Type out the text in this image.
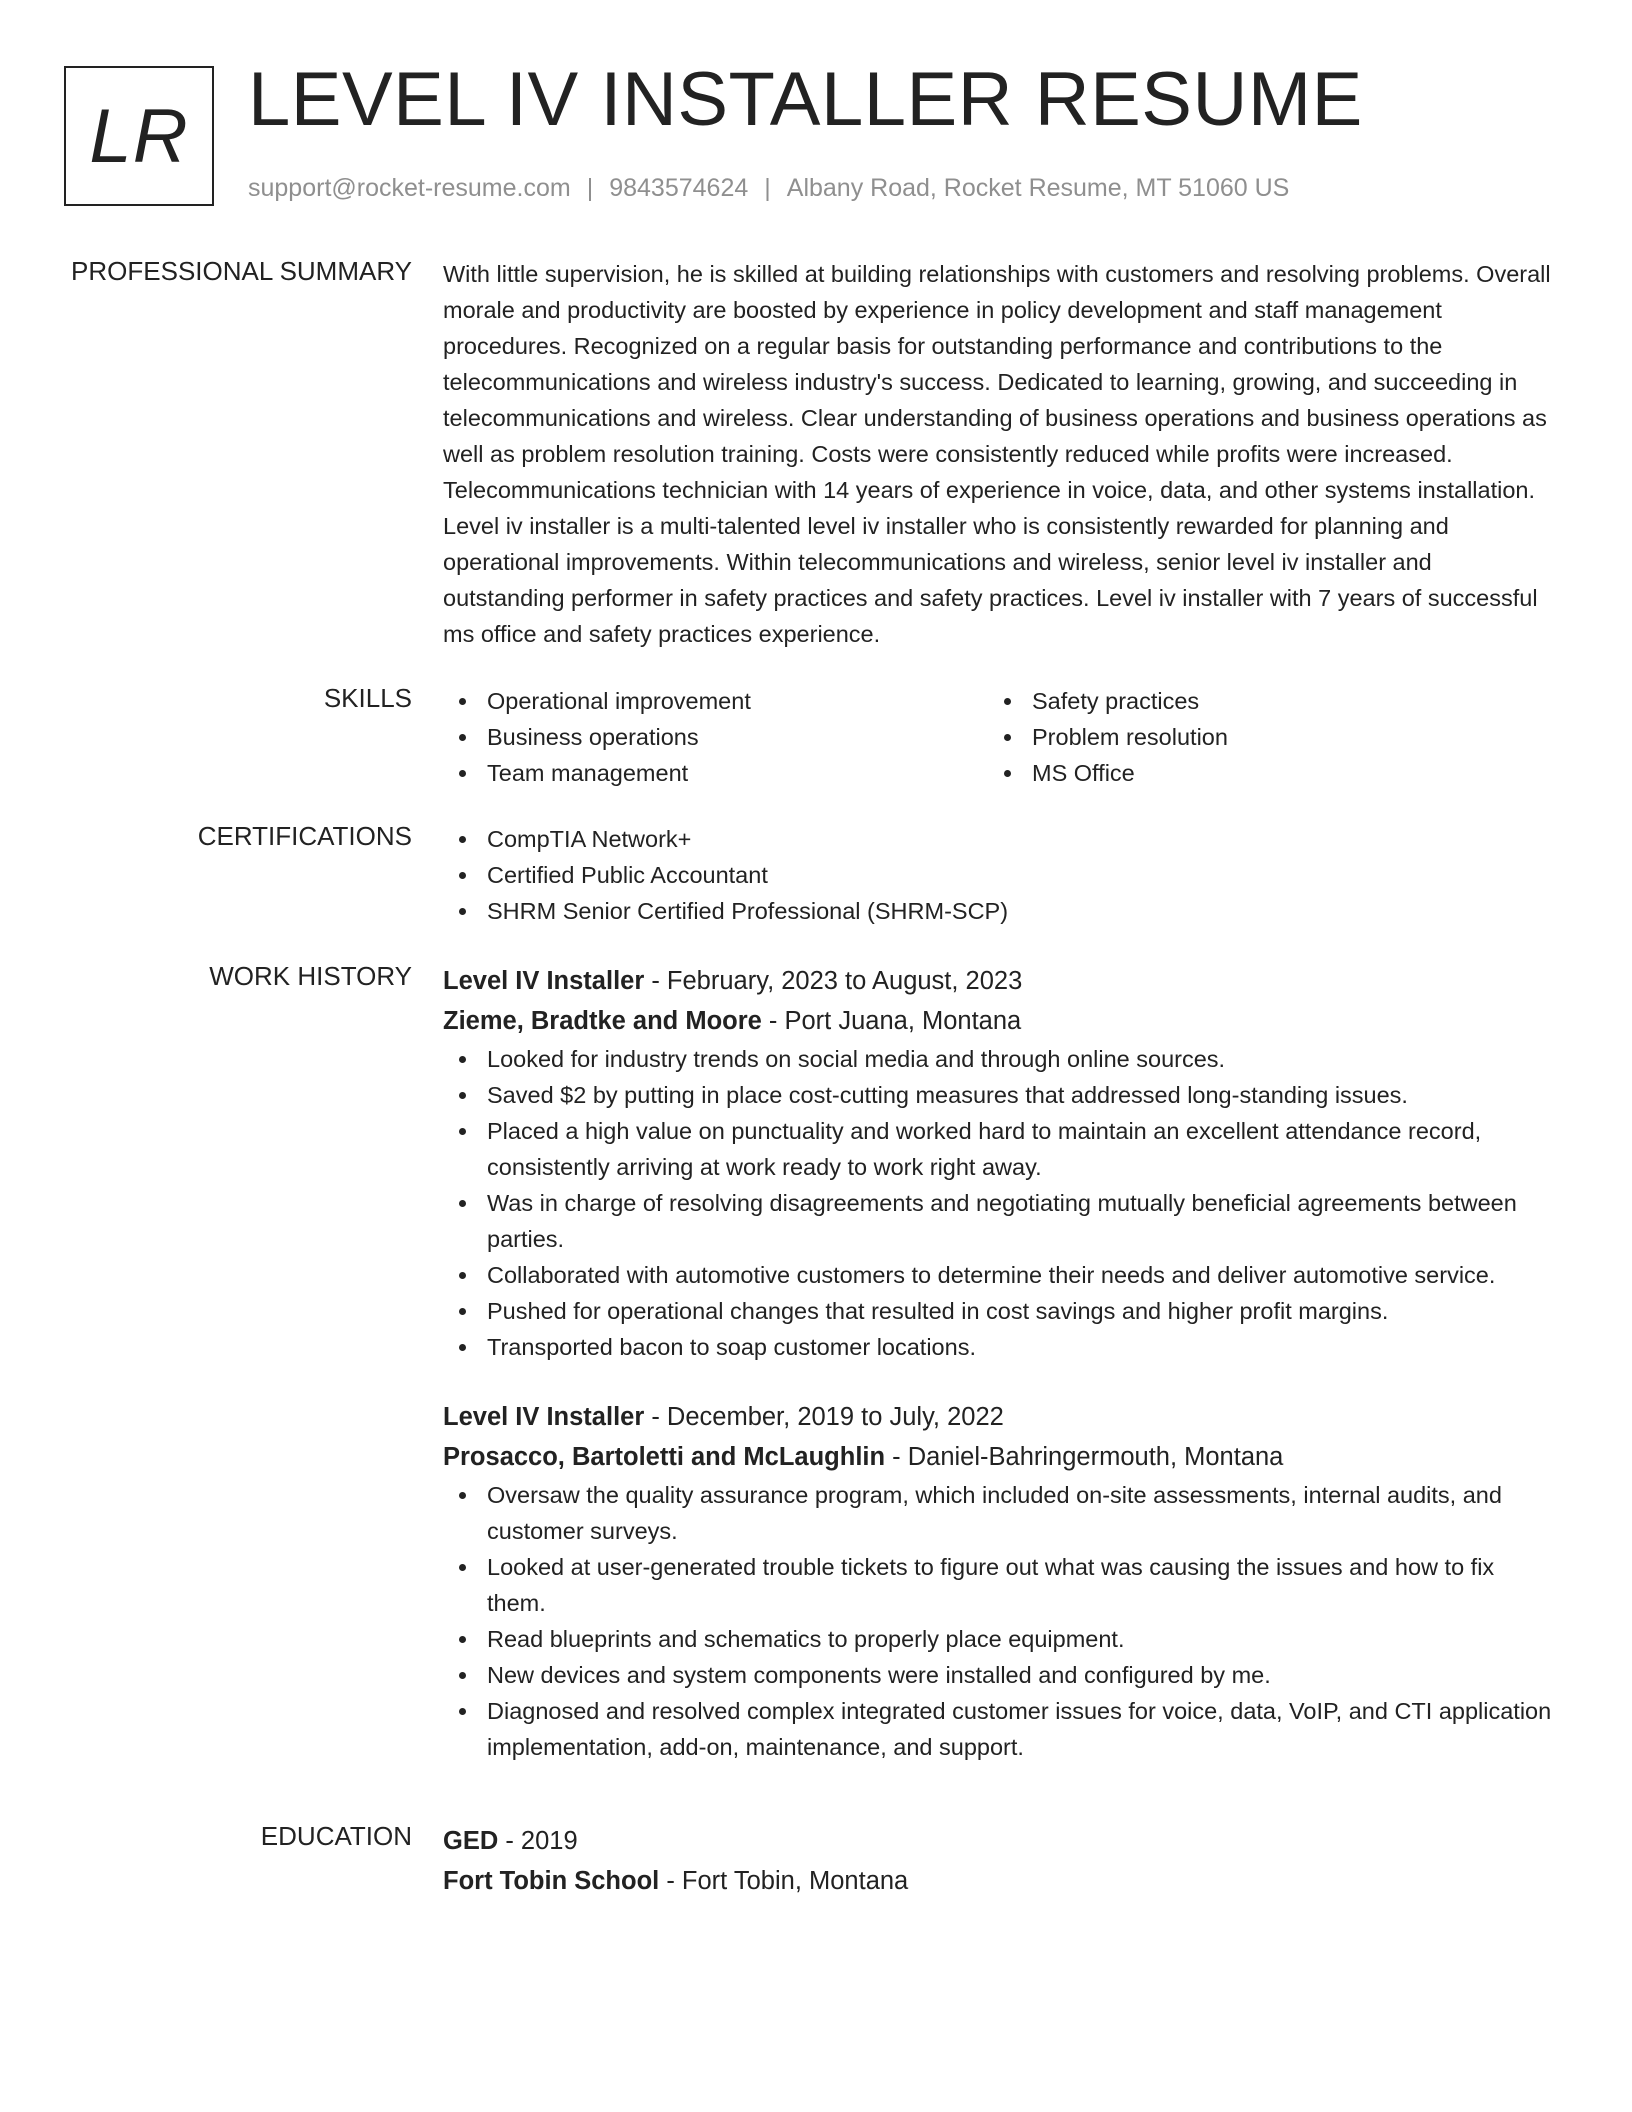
LR LEVEL IV INSTALLER RESUME
support@rocket-resume.com | 9843574624 | Albany Road, Rocket Resume, MT 51060 US
PROFESSIONAL SUMMARY With little supervision, he is skilled at building relationships with customers and resolving problems. Overall morale and productivity are boosted by experience in policy development and staff management procedures. Recognized on a regular basis for outstanding performance and contributions to the telecommunications and wireless industry's success. Dedicated to learning, growing, and succeeding in telecommunications and wireless. Clear understanding of business operations and business operations as well as problem resolution training. Costs were consistently reduced while profits were increased. Telecommunications technician with 14 years of experience in voice, data, and other systems installation. Level iv installer is a multi-talented level iv installer who is consistently rewarded for planning and operational improvements. Within telecommunications and wireless, senior level iv installer and outstanding performer in safety practices and safety practices. Level iv installer with 7 years of successful ms office and safety practices experience.

SKILLS	Operational improvement
Business operations
Team management
Safety practices
Problem resolution
MS Office
CERTIFICATIONS	CompTIA Network+
Certified Public Accountant
SHRM Senior Certified Professional (SHRM-SCP)
WORK HISTORY Level IV Installer - February, 2023 to August, 2023
Zieme, Bradtke and Moore - Port Juana, Montana
Looked for industry trends on social media and through online sources.
Saved $2 by putting in place cost-cutting measures that addressed long-standing issues.
Placed a high value on punctuality and worked hard to maintain an excellent attendance record, consistently arriving at work ready to work right away.
Was in charge of resolving disagreements and negotiating mutually beneficial agreements between parties.
Collaborated with automotive customers to determine their needs and deliver automotive service.
Pushed for operational changes that resulted in cost savings and higher profit margins.
Transported bacon to soap customer locations.
Level IV Installer - December, 2019 to July, 2022
Prosacco, Bartoletti and McLaughlin - Daniel-Bahringermouth, Montana
Oversaw the quality assurance program, which included on-site assessments, internal audits, and customer surveys.
Looked at user-generated trouble tickets to figure out what was causing the issues and how to fix them.
Read blueprints and schematics to properly place equipment.
New devices and system components were installed and configured by me.
Diagnosed and resolved complex integrated customer issues for voice, data, VoIP, and CTI application implementation, add-on, maintenance, and support.
EDUCATION GED - 2019
Fort Tobin School - Fort Tobin, Montana
